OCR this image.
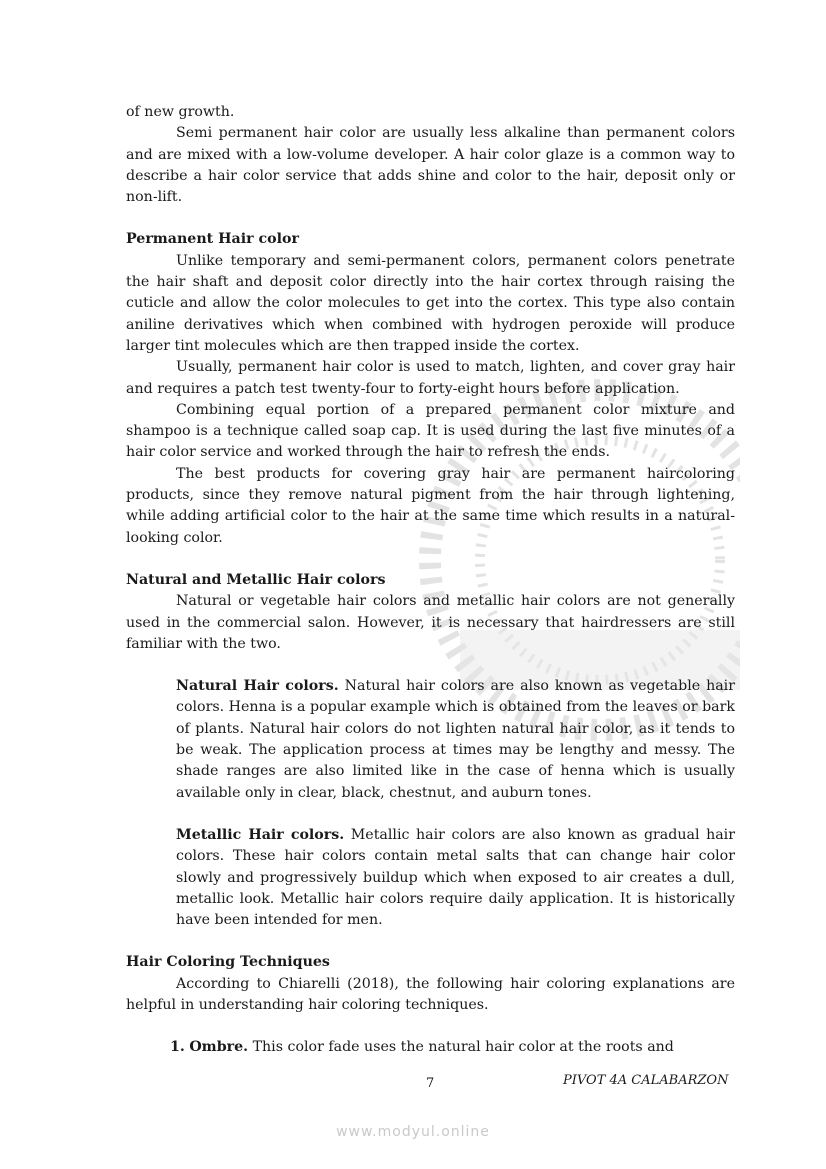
of new growth.

Semi permanent hair color are usually less alkaline than permanent colors and are mixed with a low-volume developer. A hair color glaze is a common way to describe a hair color service that adds shine and color to the hair, deposit only or non-lift.

Permanent Hair color

Unlike temporary and semi-permanent colors, permanent colors penetrate the hair shaft and deposit color directly into the hair cortex through raising the cuticle and allow the color molecules to get into the cortex. This type also contain aniline derivatives which when combined with hydrogen peroxide will produce larger tint molecules which are then trapped inside the cortex.

Usually, permanent hair color is used to match, lighten, and cover gray hair and requires a patch test twenty-four to forty-eight hours before application.

Combining equal portion of a prepared permanent color mixture and shampoo is a technique called soap cap. It is used during the last five minutes of a hair color service and worked through the hair to refresh the ends.

The best products for covering gray hair are permanent haircoloring products, since they remove natural pigment from the hair through lightening, while adding artificial color to the hair at the same time which results in a natural-looking color.

Natural and Metallic Hair colors

Natural or vegetable hair colors and metallic hair colors are not generally used in the commercial salon. However, it is necessary that hairdressers are still familiar with the two.

Natural Hair colors. Natural hair colors are also known as vegetable hair colors. Henna is a popular example which is obtained from the leaves or bark of plants. Natural hair colors do not lighten natural hair color, as it tends to be weak. The application process at times may be lengthy and messy. The shade ranges are also limited like in the case of henna which is usually available only in clear, black, chestnut, and auburn tones.

Metallic Hair colors. Metallic hair colors are also known as gradual hair colors. These hair colors contain metal salts that can change hair color slowly and progressively buildup which when exposed to air creates a dull, metallic look. Metallic hair colors require daily application. It is historically have been intended for men.

Hair Coloring Techniques

According to Chiarelli (2018), the following hair coloring explanations are helpful in understanding hair coloring techniques.

1. Ombre. This color fade uses the natural hair color at the roots and

7	PIVOT 4A CALABARZON
www.modyul.online
